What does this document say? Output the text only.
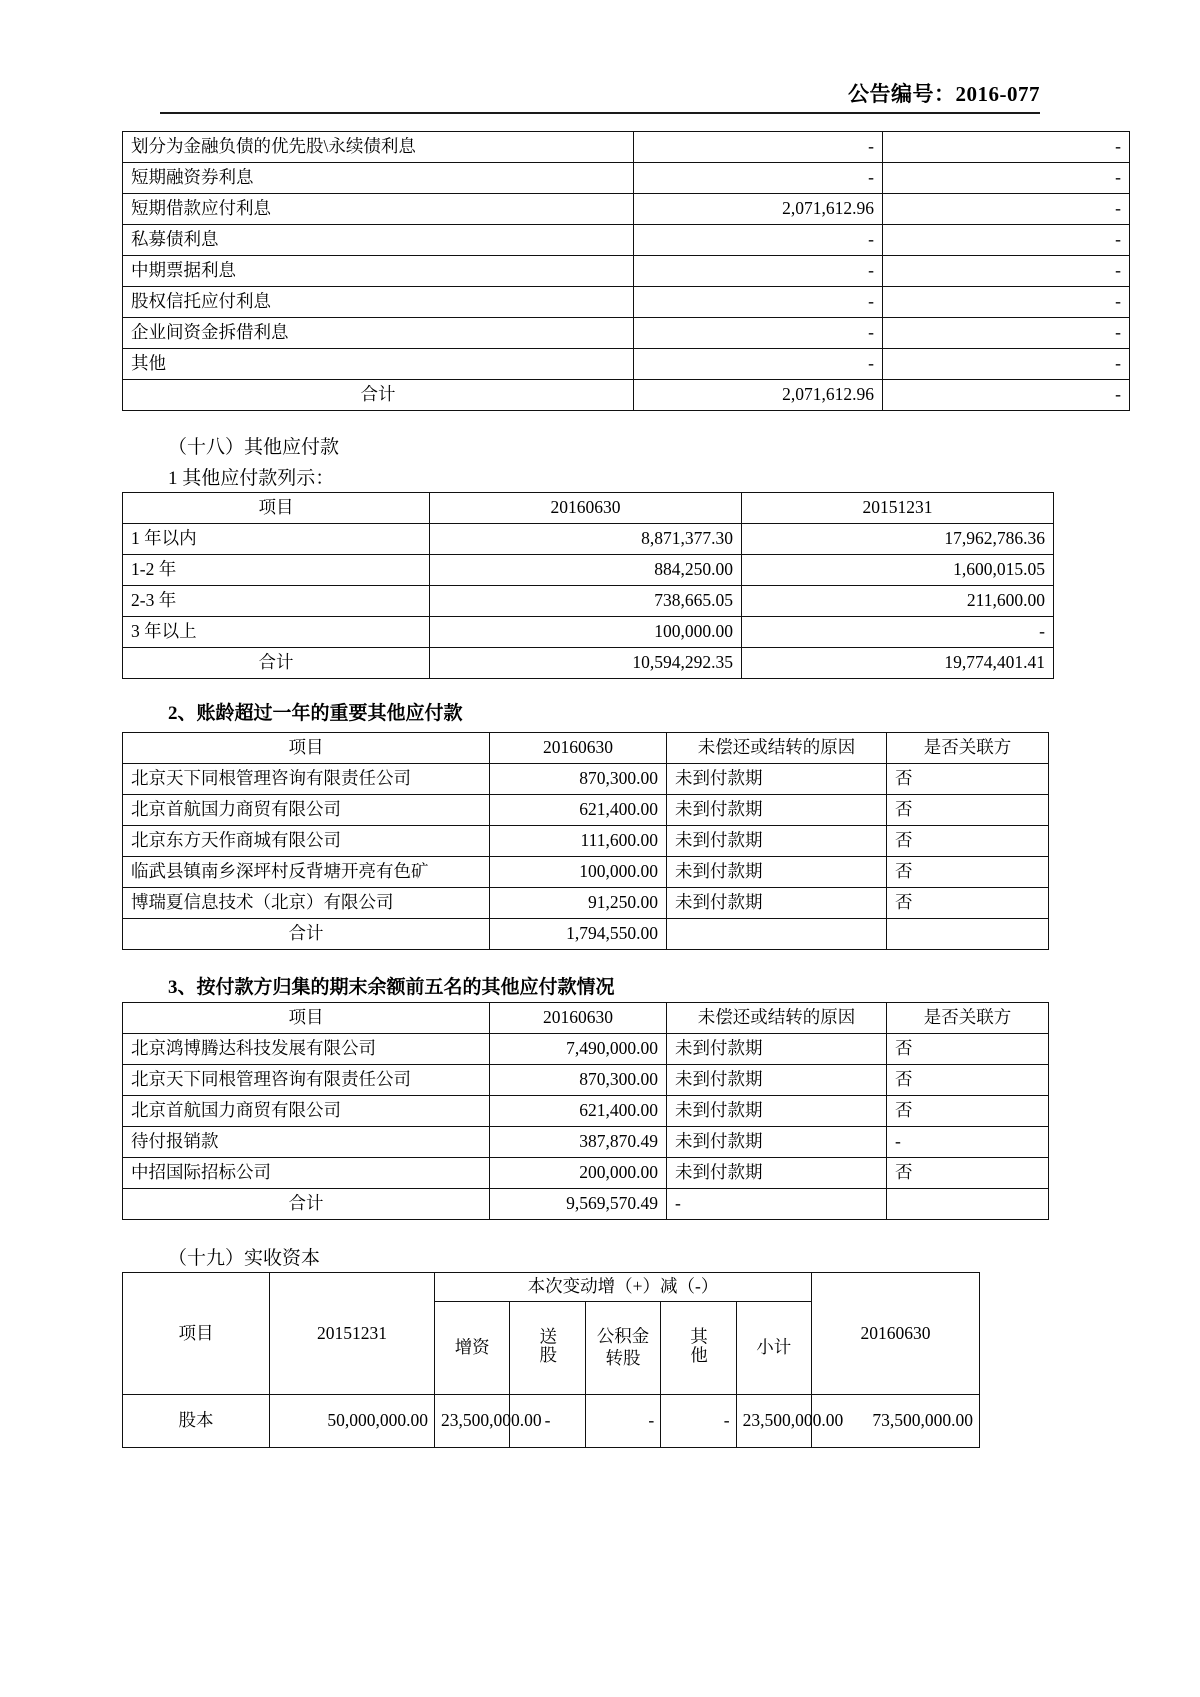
公告编号：2016-077
划分为金融负债的优先股\永续债利息	-	-
短期融资券利息	-	-
短期借款应付利息	2,071,612.96	-
私募债利息	-	-
中期票据利息	-	-
股权信托应付利息	-	-
企业间资金拆借利息	-	-
其他	-	-
合计	2,071,612.96	-
（十八）其他应付款
1 其他应付款列示：
项目	20160630	20151231
1 年以内	8,871,377.30	17,962,786.36
1-2 年	884,250.00	1,600,015.05
2-3 年	738,665.05	211,600.00
3 年以上	100,000.00	-
合计	10,594,292.35	19,774,401.41
2、账龄超过一年的重要其他应付款
项目	20160630	未偿还或结转的原因	是否关联方
北京天下同根管理咨询有限责任公司	870,300.00	未到付款期	否
北京首航国力商贸有限公司	621,400.00	未到付款期	否
北京东方天作商城有限公司	111,600.00	未到付款期	否
临武县镇南乡深坪村反背塘开亮有色矿	100,000.00	未到付款期	否
博瑞夏信息技术（北京）有限公司	91,250.00	未到付款期	否
合计	1,794,550.00		
3、按付款方归集的期末余额前五名的其他应付款情况
项目	20160630	未偿还或结转的原因	是否关联方
北京鸿博腾达科技发展有限公司	7,490,000.00	未到付款期	否
北京天下同根管理咨询有限责任公司	870,300.00	未到付款期	否
北京首航国力商贸有限公司	621,400.00	未到付款期	否
待付报销款	387,870.49	未到付款期	-
中招国际招标公司	200,000.00	未到付款期	否
合计	9,569,570.49	-	
（十九）实收资本
项目	20151231	本次变动增（+）减（-）					20160630
		增资	送股	公积金转股	其他	小计	
股本	50,000,000.00	23,500,000.00	-	-	-	23,500,000.00	73,500,000.00
